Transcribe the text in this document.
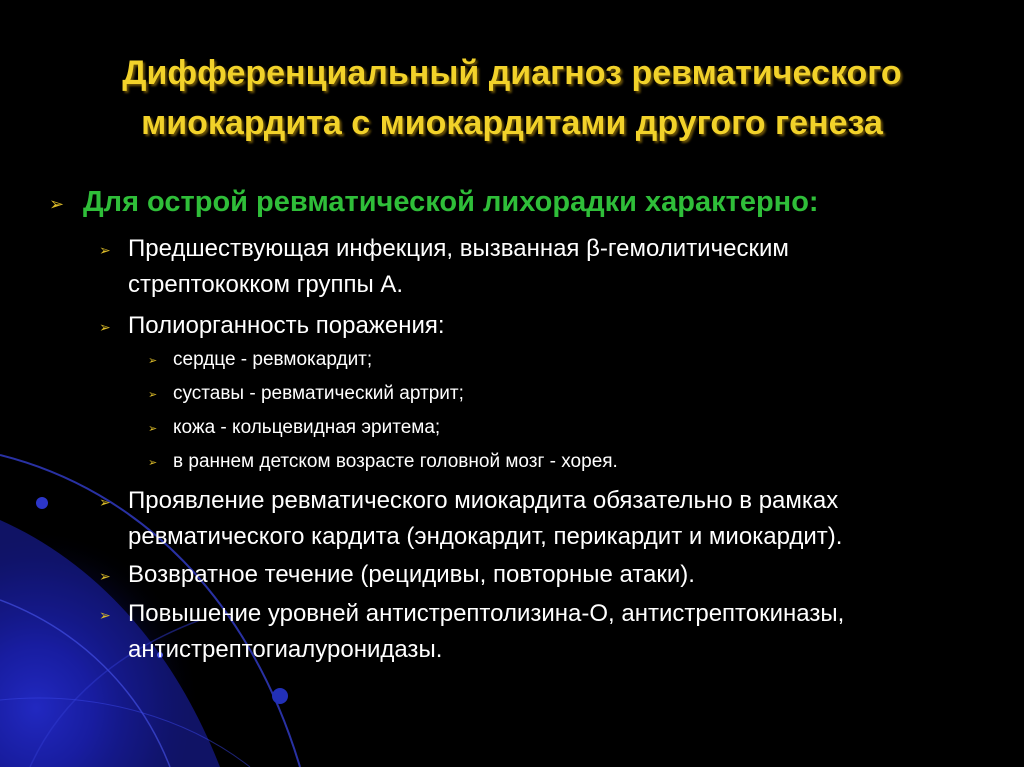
Дифференциальный диагноз ревматического
миокардита с миокардитами другого генеза
➢ Для острой ревматической лихорадки характерно:
➢ Предшествующая инфекция, вызванная β-гемолитическим стрептококком группы А.
➢ Полиорганность поражения:
➢ сердце - ревмокардит;
➢ суставы - ревматический артрит;
➢ кожа - кольцевидная эритема;
➢ в раннем детском возрасте головной мозг - хорея.
➢ Проявление ревматического миокардита обязательно в рамках ревматического кардита (эндокардит, перикардит и миокардит).
➢ Возвратное течение (рецидивы, повторные атаки).
➢ Повышение уровней антистрептолизина-О, антистрептокиназы, антистрептогиалуронидазы.
